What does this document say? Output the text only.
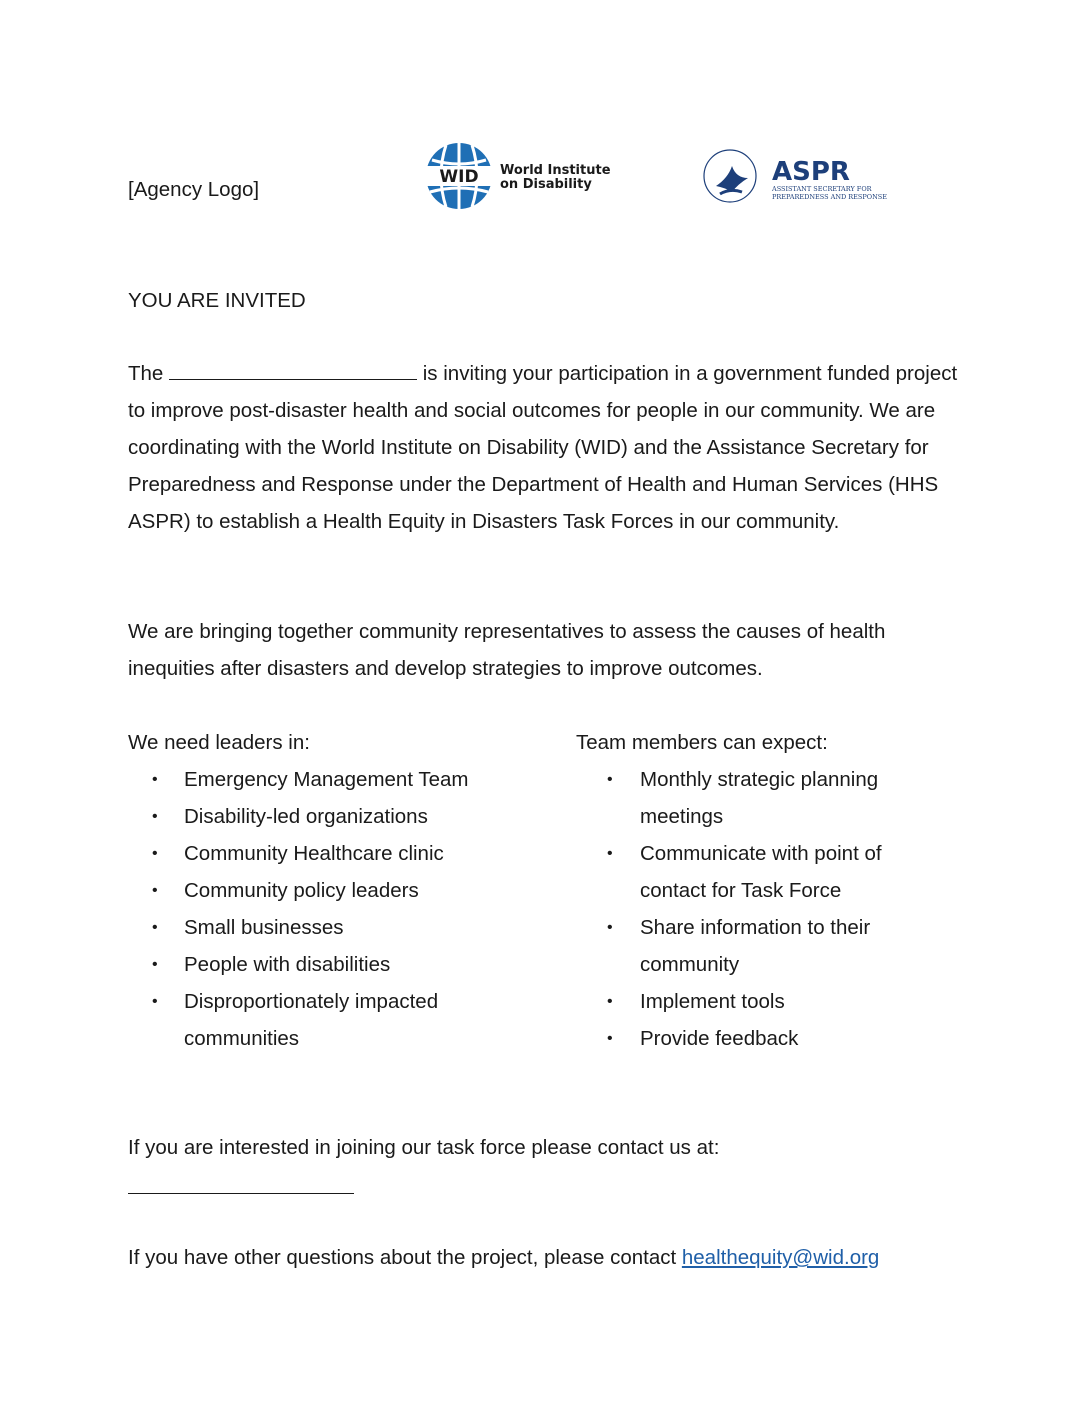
[Agency Logo]
WID World Institute
on Disability	ASPR
ASSISTANT SECRETARY FOR
PREPAREDNESS AND RESPONSE
YOU ARE INVITED
The	is inviting your participation in a government funded project to improve post-disaster health and social outcomes for people in our community. We are coordinating with the World Institute on Disability (WID) and the Assistance Secretary for Preparedness and Response under the Department of Health and Human Services (HHS ASPR) to establish a Health Equity in Disasters Task Forces in our community.
We are bringing together community representatives to assess the causes of health inequities after disasters and develop strategies to improve outcomes.
We need leaders in:
• Emergency Management Team
• Disability-led organizations
• Community Healthcare clinic
• Community policy leaders
• Small businesses
• People with disabilities
• Disproportionately impacted communities
Team members can expect:
• Monthly strategic planning meetings
• Communicate with point of contact for Task Force
• Share information to their community
• Implement tools
• Provide feedback
If you are interested in joining our task force please contact us at:
If you have other questions about the project, please contact healthequity@wid.org
